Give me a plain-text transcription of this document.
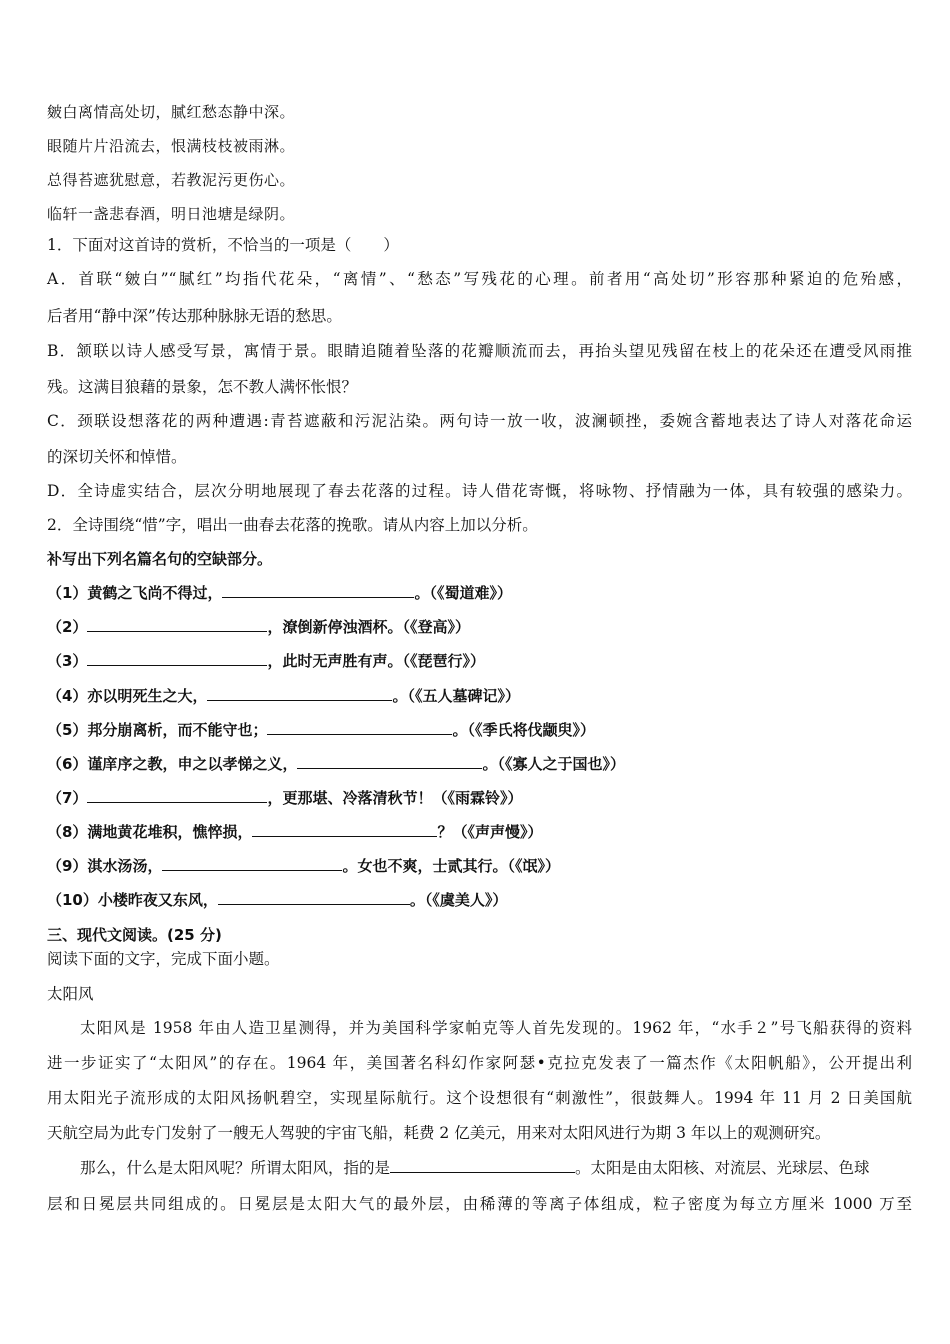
皴白离情高处切，腻红愁态静中深。
眼随片片沿流去，恨满枝枝被雨淋。
总得苔遮犹慰意，若教泥污更伤心。
临轩一盏悲春酒，明日池塘是绿阴。
1．下面对这首诗的赏析，不恰当的一项是（ ）
A．首联“皴白”“腻红”均指代花朵，“离情”、“愁态”写残花的心理。前者用“高处切”形容那种紧迫的危殆感，
后者用“静中深”传达那种脉脉无语的愁思。
B．颔联以诗人感受写景，寓情于景。眼睛追随着坠落的花瓣顺流而去，再抬头望见残留在枝上的花朵还在遭受风雨推
残。这满目狼藉的景象，怎不教人满怀怅恨？
C．颈联设想落花的两种遭遇:青苔遮蔽和污泥沾染。两句诗一放一收，波澜顿挫，委婉含蓄地表达了诗人对落花命运
的深切关怀和悼惜。
D．全诗虚实结合，层次分明地展现了春去花落的过程。诗人借花寄慨，将咏物、抒情融为一体，具有较强的感染力。
2．全诗围绕“惜”字，唱出一曲春去花落的挽歌。请从内容上加以分析。
补写出下列名篇名句的空缺部分。
（1）黄鹤之飞尚不得过，	。（《蜀道难》）
（2）	，潦倒新停浊酒杯。（《登高》）
（3）	，此时无声胜有声。（《琵琶行》）
（4）亦以明死生之大，	。（《五人墓碑记》）
（5）邦分崩离析，而不能守也；	。（《季氏将伐颛臾》）
（6）谨庠序之教，申之以孝悌之义，	。（《寡人之于国也》）
（7）	，更那堪、冷落清秋节！（《雨霖铃》）
（8）满地黄花堆积，憔悴损，	？（《声声慢》）
（9）淇水汤汤，	。女也不爽，士贰其行。（《氓》）
（10）小楼昨夜又东风，	。（《虞美人》）
三、现代文阅读。(25 分)
阅读下面的文字，完成下面小题。
太阳风
太阳风是 1958 年由人造卫星测得，并为美国科学家帕克等人首先发现的。1962 年，“水手２”号飞船获得的资料
进一步证实了“太阳风”的存在。1964 年，美国著名科幻作家阿瑟•克拉克发表了一篇杰作《太阳帆船》，公开提出利
用太阳光子流形成的太阳风扬帆碧空，实现星际航行。这个设想很有“刺激性”，很鼓舞人。1994 年 11 月 2 日美国航
天航空局为此专门发射了一艘无人驾驶的宇宙飞船，耗费 2 亿美元，用来对太阳风进行为期 3 年以上的观测研究。
那么，什么是太阳风呢？所谓太阳风，指的是	。太阳是由太阳核、对流层、光球层、色球
层和日冕层共同组成的。日冕层是太阳大气的最外层，由稀薄的等离子体组成，粒子密度为每立方厘米 1000 万至
